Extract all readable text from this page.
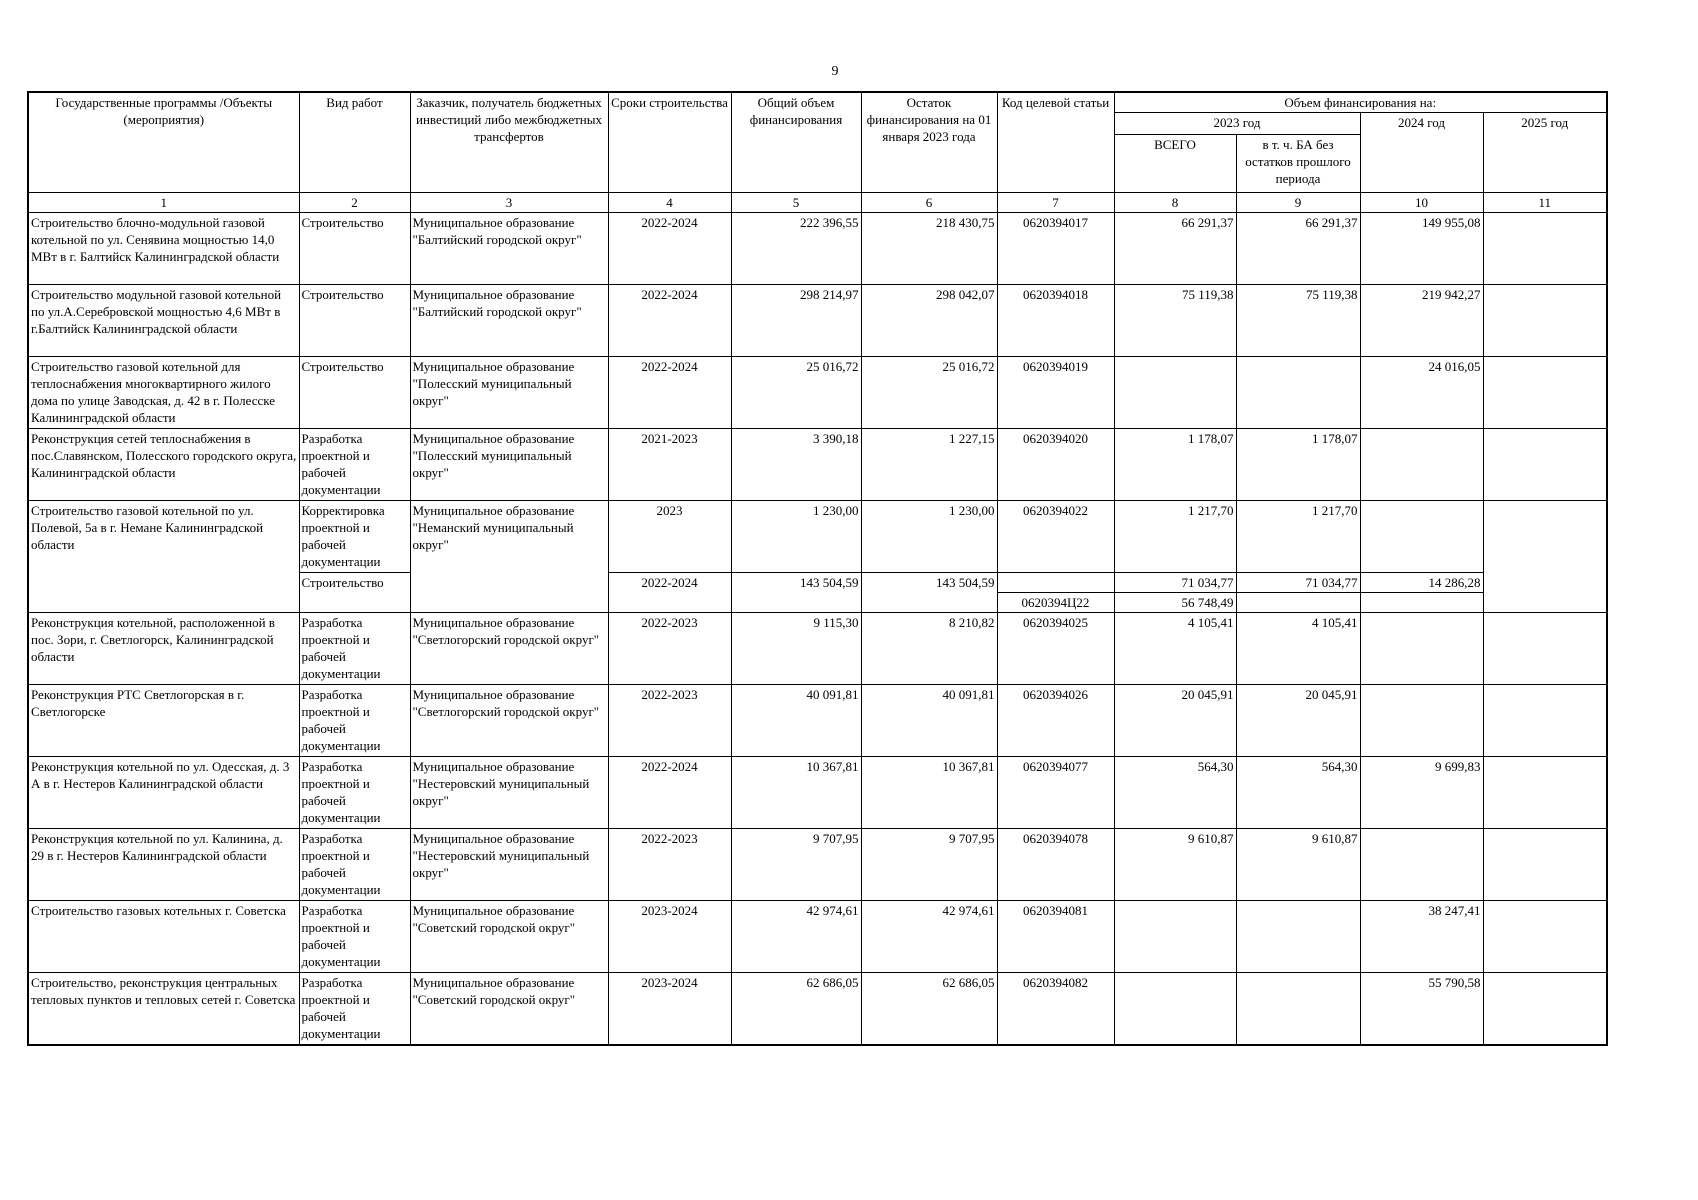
9
Государственные программы /Объекты (мероприятия)	Вид работ	Заказчик, получатель бюджетных инвестиций либо межбюджетных трансфертов	Сроки строительства	Общий объем финансирования	Остаток финансирования на 01 января 2023 года	Код целевой статьи	Объем финансирования на:			
							2023 год		2024 год	2025 год
							ВСЕГО	в т. ч. БА без остатков прошлого периода		
1	2	3	4	5	6	7	8	9	10	11
Строительство блочно-модульной газовой котельной по ул. Сенявина мощностью 14,0 МВт в г. Балтийск Калининградской области	Строительство	Муниципальное образование "Балтийский городской округ"	2022-2024	222 396,55	218 430,75	0620394017	66 291,37	66 291,37	149 955,08	
Строительство модульной газовой котельной по ул.А.Серебровской мощностью 4,6 МВт в г.Балтийск Калининградской области	Строительство	Муниципальное образование "Балтийский городской округ"	2022-2024	298 214,97	298 042,07	0620394018	75 119,38	75 119,38	219 942,27	
Строительство газовой котельной для теплоснабжения многоквартирного жилого дома по улице Заводская, д. 42 в г. Полесске Калининградской области	Строительство	Муниципальное образование "Полесский муниципальный округ"	2022-2024	25 016,72	25 016,72	0620394019			24 016,05	
Реконструкция сетей теплоснабжения в пос.Славянском, Полесского городского округа, Калининградской области	Разработка проектной и рабочей документации	Муниципальное образование "Полесский муниципальный округ"	2021-2023	3 390,18	1 227,15	0620394020	1 178,07	1 178,07		
Строительство газовой котельной по ул. Полевой, 5а в г. Немане Калининградской области	Корректировка проектной и рабочей документации	Муниципальное образование "Неманский муниципальный округ"	2023	1 230,00	1 230,00	0620394022	1 217,70	1 217,70		
	Строительство		2022-2024	143 504,59	143 504,59		71 034,77	71 034,77	14 286,28	
						0620394Ц22	56 748,49			
Реконструкция котельной, расположенной в пос. Зори, г. Светлогорск, Калининградской области	Разработка проектной и рабочей документации	Муниципальное образование "Светлогорский городской округ"	2022-2023	9 115,30	8 210,82	0620394025	4 105,41	4 105,41		
Реконструкция РТС Светлогорская в г. Светлогорске	Разработка проектной и рабочей документации	Муниципальное образование "Светлогорский городской округ"	2022-2023	40 091,81	40 091,81	0620394026	20 045,91	20 045,91		
Реконструкция котельной по ул. Одесская, д. 3 А в г. Нестеров Калининградской области	Разработка проектной и рабочей документации	Муниципальное образование "Нестеровский муниципальный округ"	2022-2024	10 367,81	10 367,81	0620394077	564,30	564,30	9 699,83	
Реконструкция котельной по ул. Калинина, д. 29 в г. Нестеров Калининградской области	Разработка проектной и рабочей документации	Муниципальное образование "Нестеровский муниципальный округ"	2022-2023	9 707,95	9 707,95	0620394078	9 610,87	9 610,87		
Строительство газовых котельных г. Советска	Разработка проектной и рабочей документации	Муниципальное образование "Советский городской округ"	2023-2024	42 974,61	42 974,61	0620394081			38 247,41	
Строительство, реконструкция центральных тепловых пунктов и тепловых сетей г. Советска	Разработка проектной и рабочей документации	Муниципальное образование "Советский городской округ"	2023-2024	62 686,05	62 686,05	0620394082			55 790,58	
